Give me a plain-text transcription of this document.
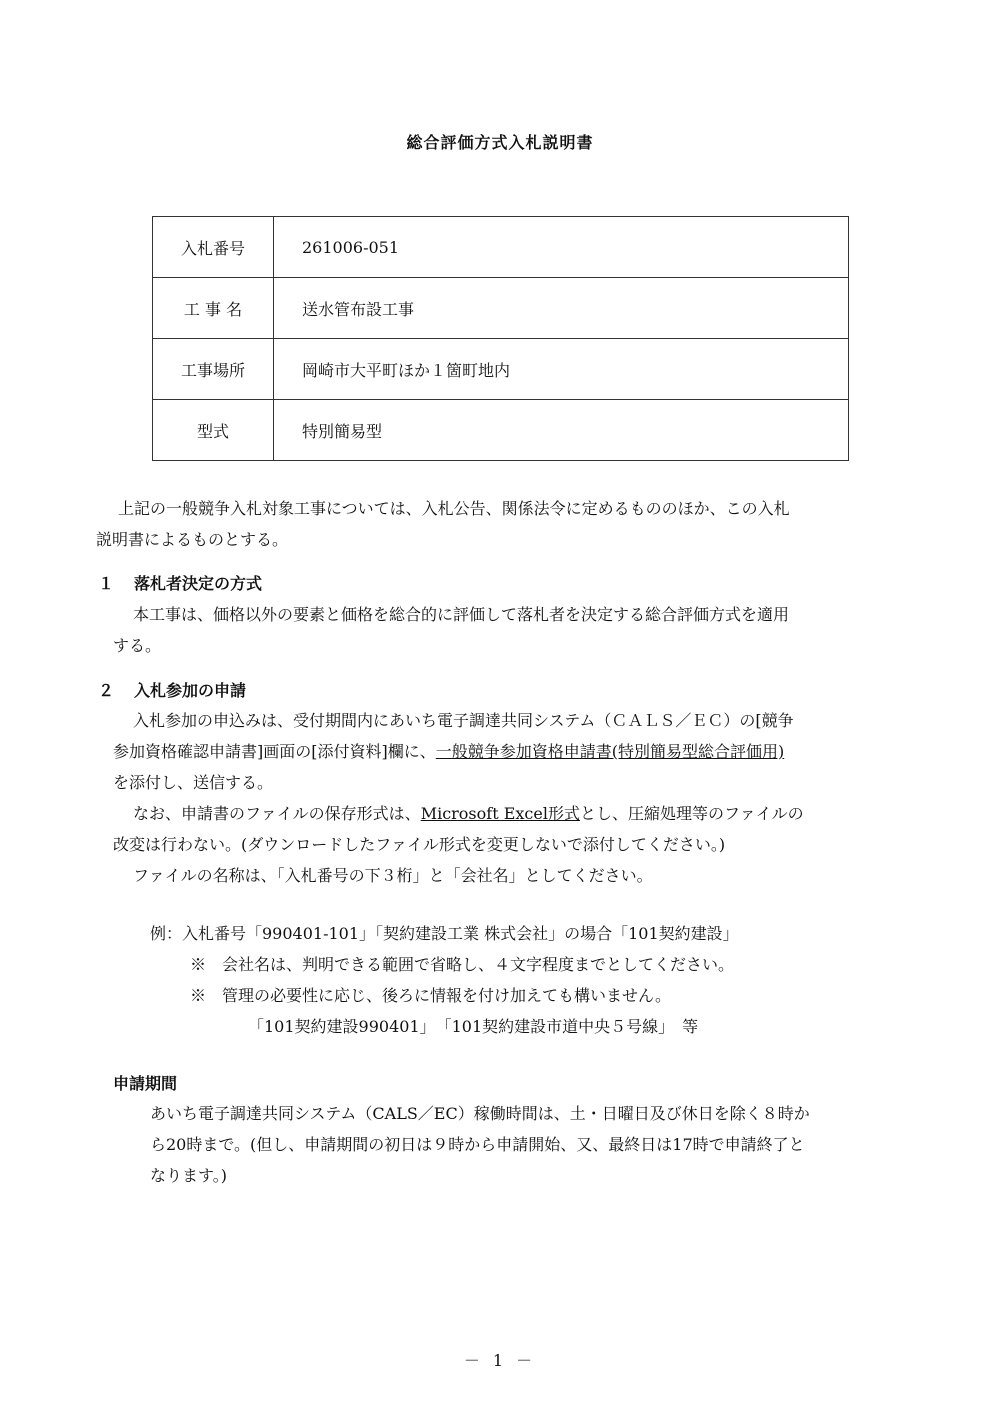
総合評価方式入札説明書
入札番号	261006-051
工 事 名	送水管布設工事
工事場所	岡崎市大平町ほか１箇町地内
型式	特別簡易型
上記の一般競争入札対象工事については、入札公告、関係法令に定めるもののほか、この入札
説明書によるものとする。
１ 落札者決定の方式
本工事は、価格以外の要素と価格を総合的に評価して落札者を決定する総合評価方式を適用
する。
２ 入札参加の申請
入札参加の申込みは、受付期間内にあいち電子調達共同システム（ＣＡＬＳ／ＥＣ）の[競争
参加資格確認申請書]画面の[添付資料]欄に、一般競争参加資格申請書(特別簡易型総合評価用)
を添付し、送信する。
なお、申請書のファイルの保存形式は、Microsoft Excel形式とし、圧縮処理等のファイルの
改変は行わない。(ダウンロードしたファイル形式を変更しないで添付してください。)
ファイルの名称は、「入札番号の下３桁」と「会社名」としてください。
例：入札番号「990401-101」「契約建設工業 株式会社」の場合「101契約建設」
※　会社名は、判明できる範囲で省略し、４文字程度までとしてください。
※　管理の必要性に応じ、後ろに情報を付け加えても構いません。
「101契約建設990401」　「101契約建設市道中央５号線」　等
申請期間
あいち電子調達共同システム（CALS／EC）稼働時間は、土・日曜日及び休日を除く８時か
ら20時まで。(但し、申請期間の初日は９時から申請開始、又、最終日は17時で申請終了と
なります。)
－ 1 －
